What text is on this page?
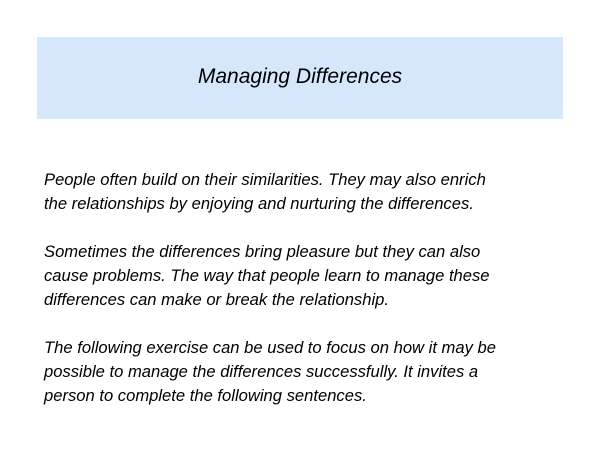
Managing Differences

People often build on their similarities. They may also enrich
the relationships by enjoying and nurturing the differences.

Sometimes the differences bring pleasure but they can also
cause problems. The way that people learn to manage these
differences can make or break the relationship.

The following exercise can be used to focus on how it may be
possible to manage the differences successfully. It invites a
person to complete the following sentences.
